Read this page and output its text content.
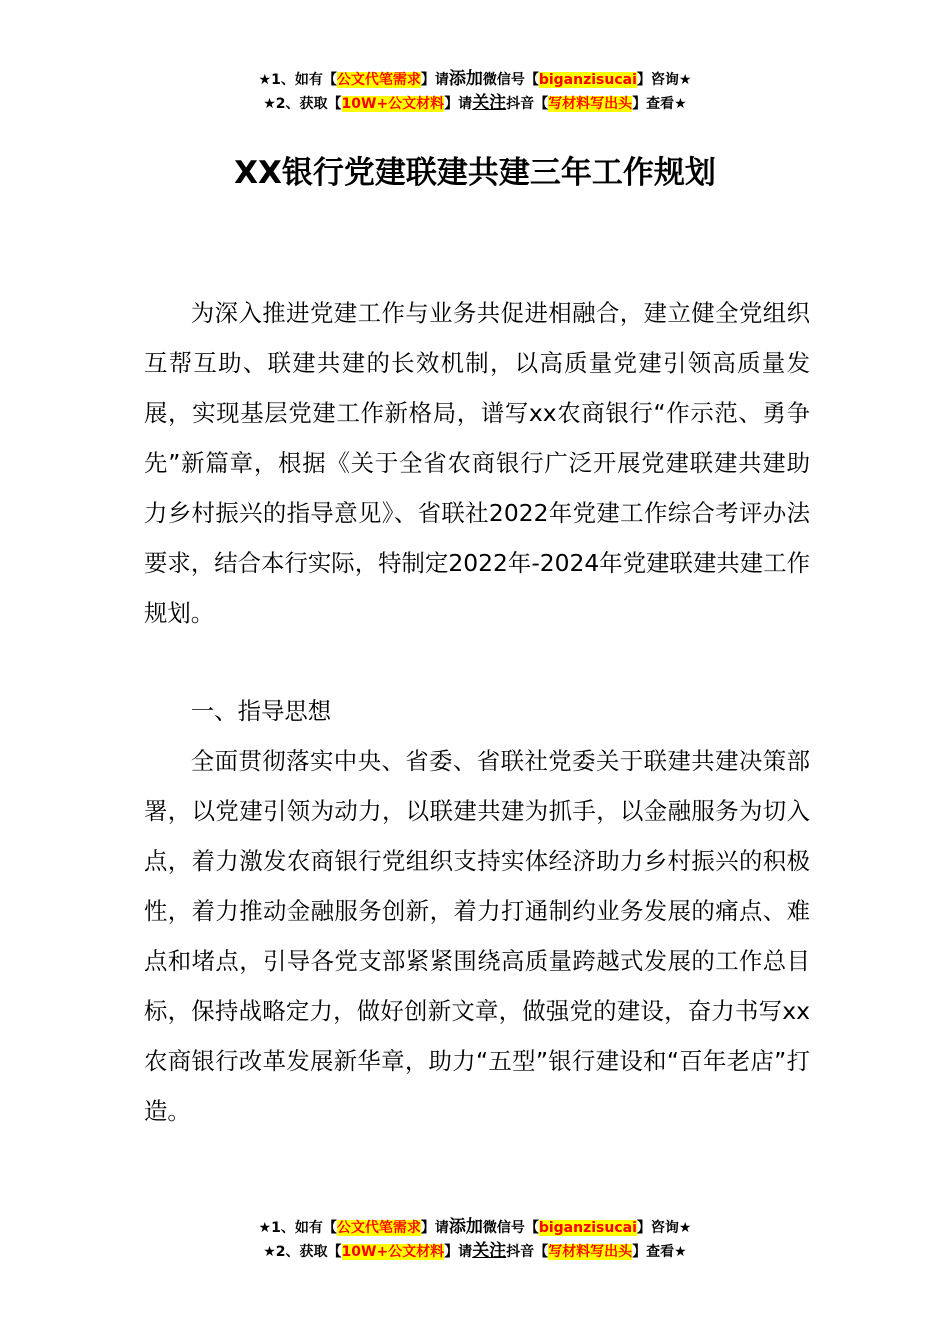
★1、如有【公文代笔需求】请添加微信号【biganzisucai】咨询★
★2、获取【10W+公文材料】请关注抖音【写材料写出头】查看★
XX银行党建联建共建三年工作规划

为深入推进党建工作与业务共促进相融合，建立健全党组织互帮互助、联建共建的长效机制，以高质量党建引领高质量发展，实现基层党建工作新格局，谱写xx农商银行“作示范、勇争先”新篇章，根据《关于全省农商银行广泛开展党建联建共建助力乡村振兴的指导意见》、省联社2022年党建工作综合考评办法要求，结合本行实际，特制定2022年-2024年党建联建共建工作规划。

一、指导思想

全面贯彻落实中央、省委、省联社党委关于联建共建决策部署，以党建引领为动力，以联建共建为抓手，以金融服务为切入点，着力激发农商银行党组织支持实体经济助力乡村振兴的积极性，着力推动金融服务创新，着力打通制约业务发展的痛点、难点和堵点，引导各党支部紧紧围绕高质量跨越式发展的工作总目标，保持战略定力，做好创新文章，做强党的建设，奋力书写xx农商银行改革发展新华章，助力“五型”银行建设和“百年老店”打造。

★1、如有【公文代笔需求】请添加微信号【biganzisucai】咨询★
★2、获取【10W+公文材料】请关注抖音【写材料写出头】查看★
